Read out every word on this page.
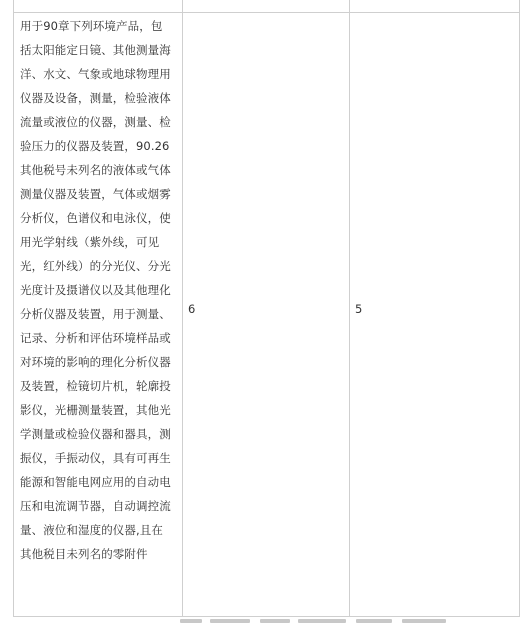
用于90章下列环境产品，包
括太阳能定日镜、其他测量海
洋、水文、气象或地球物理用
仪器及设备，测量，检验液体
流量或液位的仪器，测量、检
验压力的仪器及装置，90.26
其他税号未列名的液体或气体
测量仪器及装置，气体或烟雾
分析仪，色谱仪和电泳仪，使
用光学射线（紫外线，可见
光，红外线）的分光仪、分光
光度计及摄谱仪以及其他理化
分析仪器及装置，用于测量、
记录、分析和评估环境样品或
对环境的影响的理化分析仪器
及装置，检镜切片机，轮廓投
影仪，光栅测量装置，其他光
学测量或检验仪器和器具，测
振仪，手振动仪，具有可再生
能源和智能电网应用的自动电
压和电流调节器，自动调控流
量、液位和湿度的仪器,且在
其他税目未列名的零附件
6	5
